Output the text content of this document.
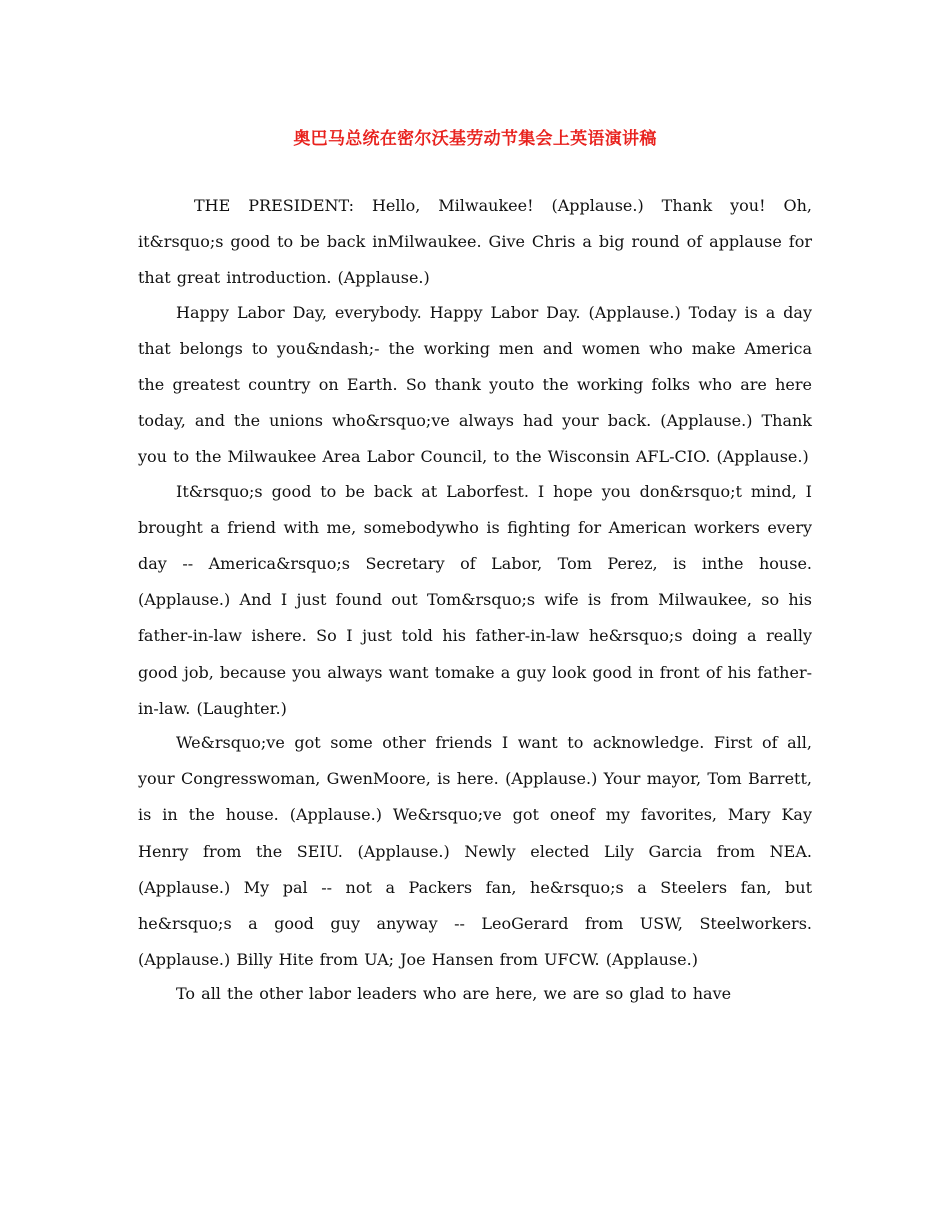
奥巴马总统在密尔沃基劳动节集会上英语演讲稿

THE PRESIDENT: Hello, Milwaukee! (Applause.) Thank you! Oh, it&rsquo;s good to be back inMilwaukee. Give Chris a big round of applause for that great introduction. (Applause.)

Happy Labor Day, everybody. Happy Labor Day. (Applause.) Today is a day that belongs to you&ndash;- the working men and women who make America the greatest country on Earth. So thank youto the working folks who are here today, and the unions who&rsquo;ve always had your back. (Applause.) Thank you to the Milwaukee Area Labor Council, to the Wisconsin AFL-CIO. (Applause.)

It&rsquo;s good to be back at Laborfest. I hope you don&rsquo;t mind, I brought a friend with me, somebodywho is fighting for American workers every day -- America&rsquo;s Secretary of Labor, Tom Perez, is inthe house. (Applause.) And I just found out Tom&rsquo;s wife is from Milwaukee, so his father-in-law ishere. So I just told his father-in-law he&rsquo;s doing a really good job, because you always want tomake a guy look good in front of his father-in-law. (Laughter.)

We&rsquo;ve got some other friends I want to acknowledge. First of all, your Congresswoman, GwenMoore, is here. (Applause.) Your mayor, Tom Barrett, is in the house. (Applause.) We&rsquo;ve got oneof my favorites, Mary Kay Henry from the SEIU. (Applause.) Newly elected Lily Garcia from NEA. (Applause.) My pal -- not a Packers fan, he&rsquo;s a Steelers fan, but he&rsquo;s a good guy anyway -- LeoGerard from USW, Steelworkers. (Applause.) Billy Hite from UA; Joe Hansen from UFCW. (Applause.)

To all the other labor leaders who are here, we are so glad to have
